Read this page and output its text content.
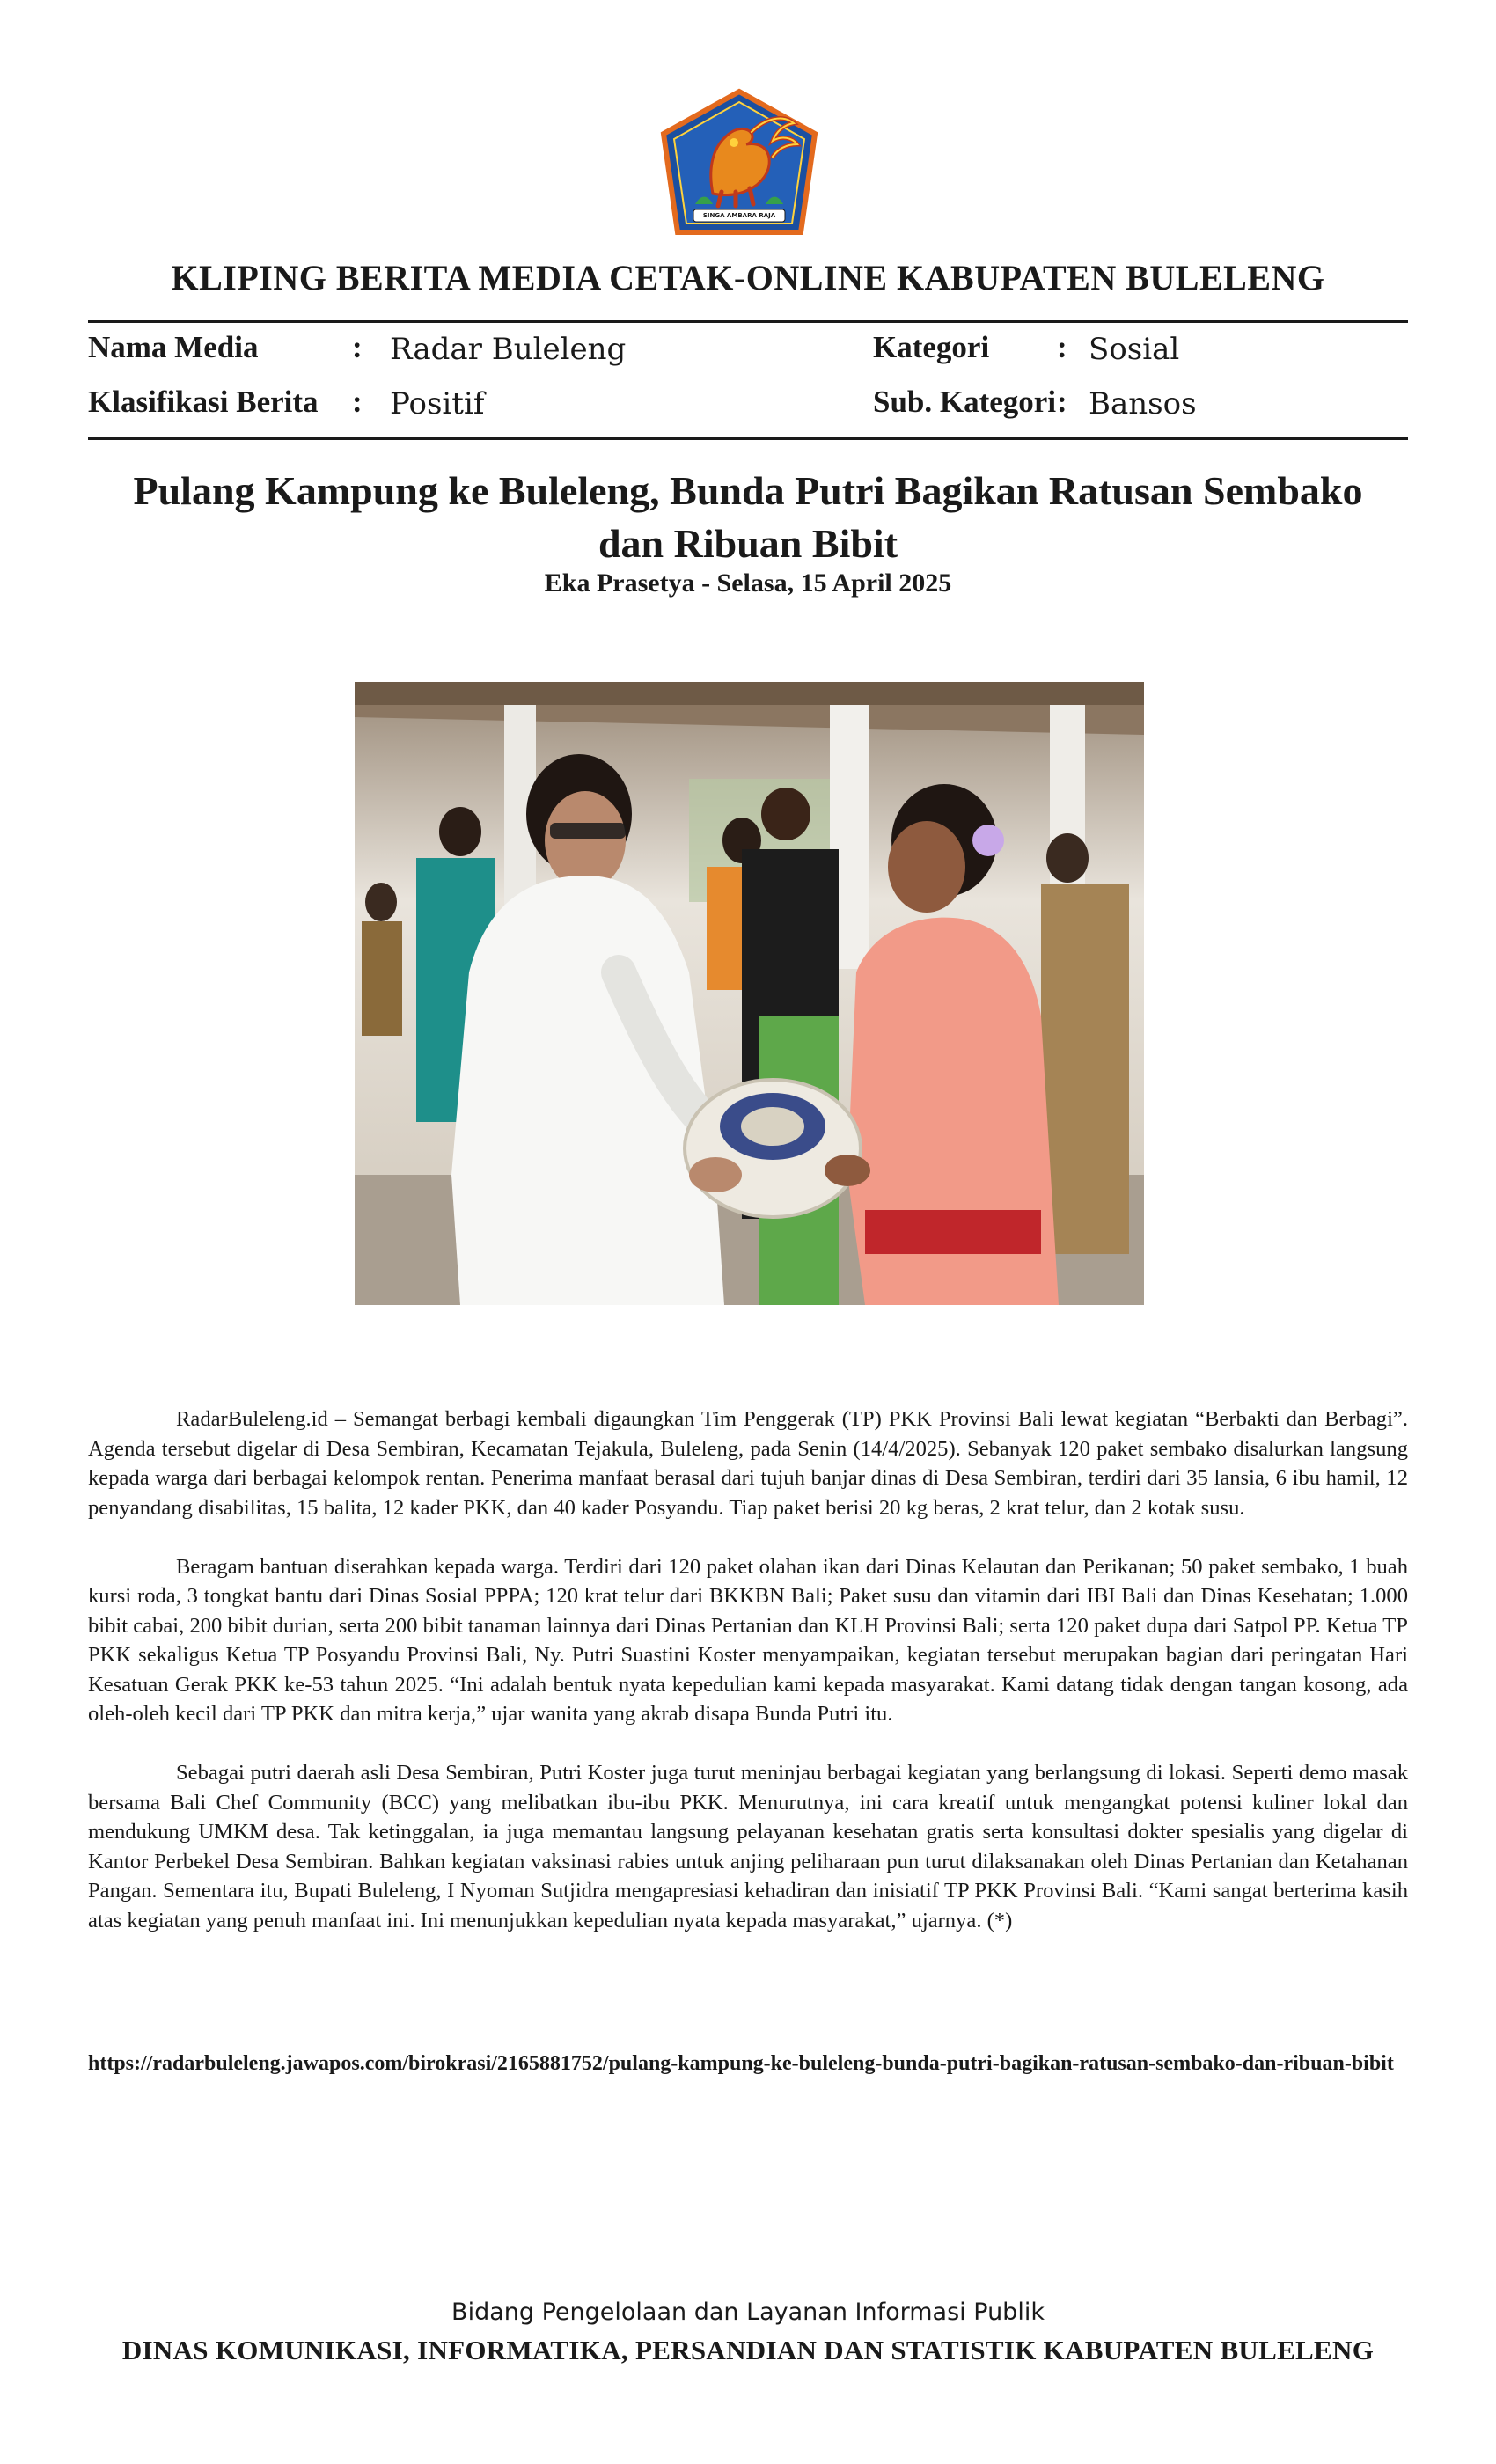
SINGA AMBARA RAJA
KLIPING BERITA MEDIA CETAK-ONLINE KABUPATEN BULELENG
Nama Media	: Radar Buleleng	Kategori : Sosial
Klasifikasi Berita : Positif	Sub. Kategori : Bansos
Pulang Kampung ke Buleleng, Bunda Putri Bagikan Ratusan Sembako
dan Ribuan Bibit
Eka Prasetya - Selasa, 15 April 2025

RadarBuleleng.id – Semangat berbagi kembali digaungkan Tim Penggerak (TP) PKK Provinsi Bali lewat kegiatan “Berbakti dan Berbagi”. Agenda tersebut digelar di Desa Sembiran, Kecamatan Tejakula, Buleleng, pada Senin (14/4/2025). Sebanyak 120 paket sembako disalurkan langsung kepada warga dari berbagai kelompok rentan. Penerima manfaat berasal dari tujuh banjar dinas di Desa Sembiran, terdiri dari 35 lansia, 6 ibu hamil, 12 penyandang disabilitas, 15 balita, 12 kader PKK, dan 40 kader Posyandu. Tiap paket berisi 20 kg beras, 2 krat telur, dan 2 kotak susu.

Beragam bantuan diserahkan kepada warga. Terdiri dari 120 paket olahan ikan dari Dinas Kelautan dan Perikanan; 50 paket sembako, 1 buah kursi roda, 3 tongkat bantu dari Dinas Sosial PPPA; 120 krat telur dari BKKBN Bali; Paket susu dan vitamin dari IBI Bali dan Dinas Kesehatan; 1.000 bibit cabai, 200 bibit durian, serta 200 bibit tanaman lainnya dari Dinas Pertanian dan KLH Provinsi Bali; serta 120 paket dupa dari Satpol PP. Ketua TP PKK sekaligus Ketua TP Posyandu Provinsi Bali, Ny. Putri Suastini Koster menyampaikan, kegiatan tersebut merupakan bagian dari peringatan Hari Kesatuan Gerak PKK ke-53 tahun 2025. “Ini adalah bentuk nyata kepedulian kami kepada masyarakat. Kami datang tidak dengan tangan kosong, ada oleh-oleh kecil dari TP PKK dan mitra kerja,” ujar wanita yang akrab disapa Bunda Putri itu.

Sebagai putri daerah asli Desa Sembiran, Putri Koster juga turut meninjau berbagai kegiatan yang berlangsung di lokasi. Seperti demo masak bersama Bali Chef Community (BCC) yang melibatkan ibu-ibu PKK. Menurutnya, ini cara kreatif untuk mengangkat potensi kuliner lokal dan mendukung UMKM desa. Tak ketinggalan, ia juga memantau langsung pelayanan kesehatan gratis serta konsultasi dokter spesialis yang digelar di Kantor Perbekel Desa Sembiran. Bahkan kegiatan vaksinasi rabies untuk anjing peliharaan pun turut dilaksanakan oleh Dinas Pertanian dan Ketahanan Pangan. Sementara itu, Bupati Buleleng, I Nyoman Sutjidra mengapresiasi kehadiran dan inisiatif TP PKK Provinsi Bali. “Kami sangat berterima kasih atas kegiatan yang penuh manfaat ini. Ini menunjukkan kepedulian nyata kepada masyarakat,” ujarnya. (*)

https://radarbuleleng.jawapos.com/birokrasi/2165881752/pulang-kampung-ke-buleleng-bunda-putri-bagikan-ratusan-sembako-dan-ribuan-bibit
Bidang Pengelolaan dan Layanan Informasi Publik
DINAS KOMUNIKASI, INFORMATIKA, PERSANDIAN DAN STATISTIK KABUPATEN BULELENG
